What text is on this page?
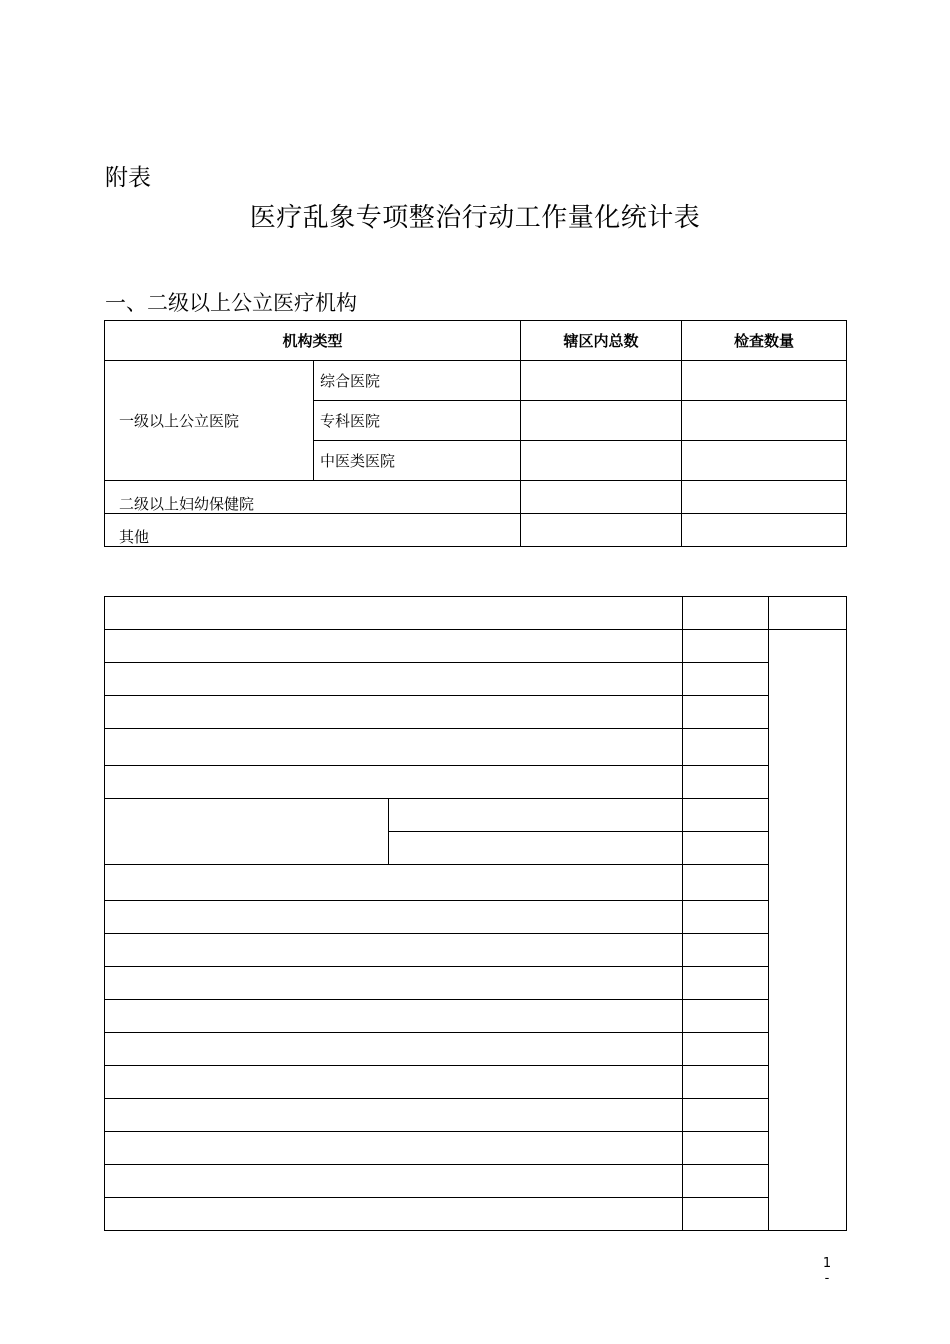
附表
医疗乱象专项整治行动工作量化统计表
一、二级以上公立医疗机构
机构类型		辖区内总数	检查数量
一级以上公立医院	综合医院		
	专科医院		
	中医类医院		
二级以上妇幼保健院			
其他			

1
-
